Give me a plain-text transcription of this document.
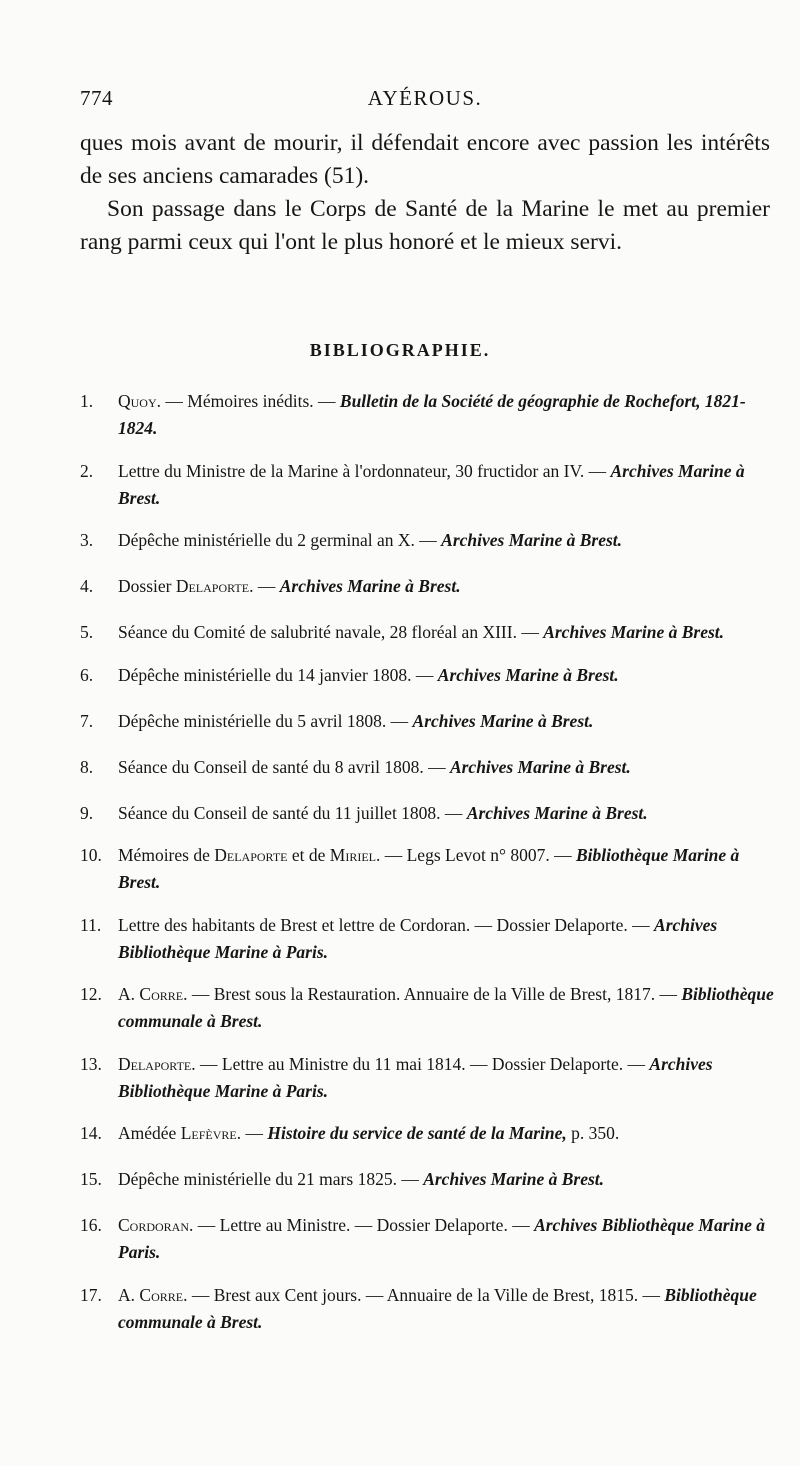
774	AYÉROUS.

ques mois avant de mourir, il défendait encore avec passion les intérêts de ses anciens camarades (51).

Son passage dans le Corps de Santé de la Marine le met au premier rang parmi ceux qui l'ont le plus honoré et le mieux servi.

BIBLIOGRAPHIE.
1. Quoy. — Mémoires inédits. — Bulletin de la Société de géographie de Rochefort, 1821-1824.
2. Lettre du Ministre de la Marine à l'ordonnateur, 30 fructidor an IV. — Archives Marine à Brest.
3. Dépêche ministérielle du 2 germinal an X. — Archives Marine à Brest.
4. Dossier Delaporte. — Archives Marine à Brest.
5. Séance du Comité de salubrité navale, 28 floréal an XIII. — Archives Marine à Brest.
6. Dépêche ministérielle du 14 janvier 1808. — Archives Marine à Brest.
7. Dépêche ministérielle du 5 avril 1808. — Archives Marine à Brest.
8. Séance du Conseil de santé du 8 avril 1808. — Archives Marine à Brest.
9. Séance du Conseil de santé du 11 juillet 1808. — Archives Marine à Brest.
10. Mémoires de Delaporte et de Miriel. — Legs Levot n° 8007. — Bibliothèque Marine à Brest.
11. Lettre des habitants de Brest et lettre de Cordoran. — Dossier Delaporte. — Archives Bibliothèque Marine à Paris.
12. A. Corre. — Brest sous la Restauration. Annuaire de la Ville de Brest, 1817. — Bibliothèque communale à Brest.
13. Delaporte. — Lettre au Ministre du 11 mai 1814. — Dossier Delaporte. — Archives Bibliothèque Marine à Paris.
14. Amédée Lefèvre. — Histoire du service de santé de la Marine, p. 350.
15. Dépêche ministérielle du 21 mars 1825. — Archives Marine à Brest.
16. Cordoran. — Lettre au Ministre. — Dossier Delaporte. — Archives Bibliothèque Marine à Paris.
17. A. Corre. — Brest aux Cent jours. — Annuaire de la Ville de Brest, 1815. — Bibliothèque communale à Brest.
